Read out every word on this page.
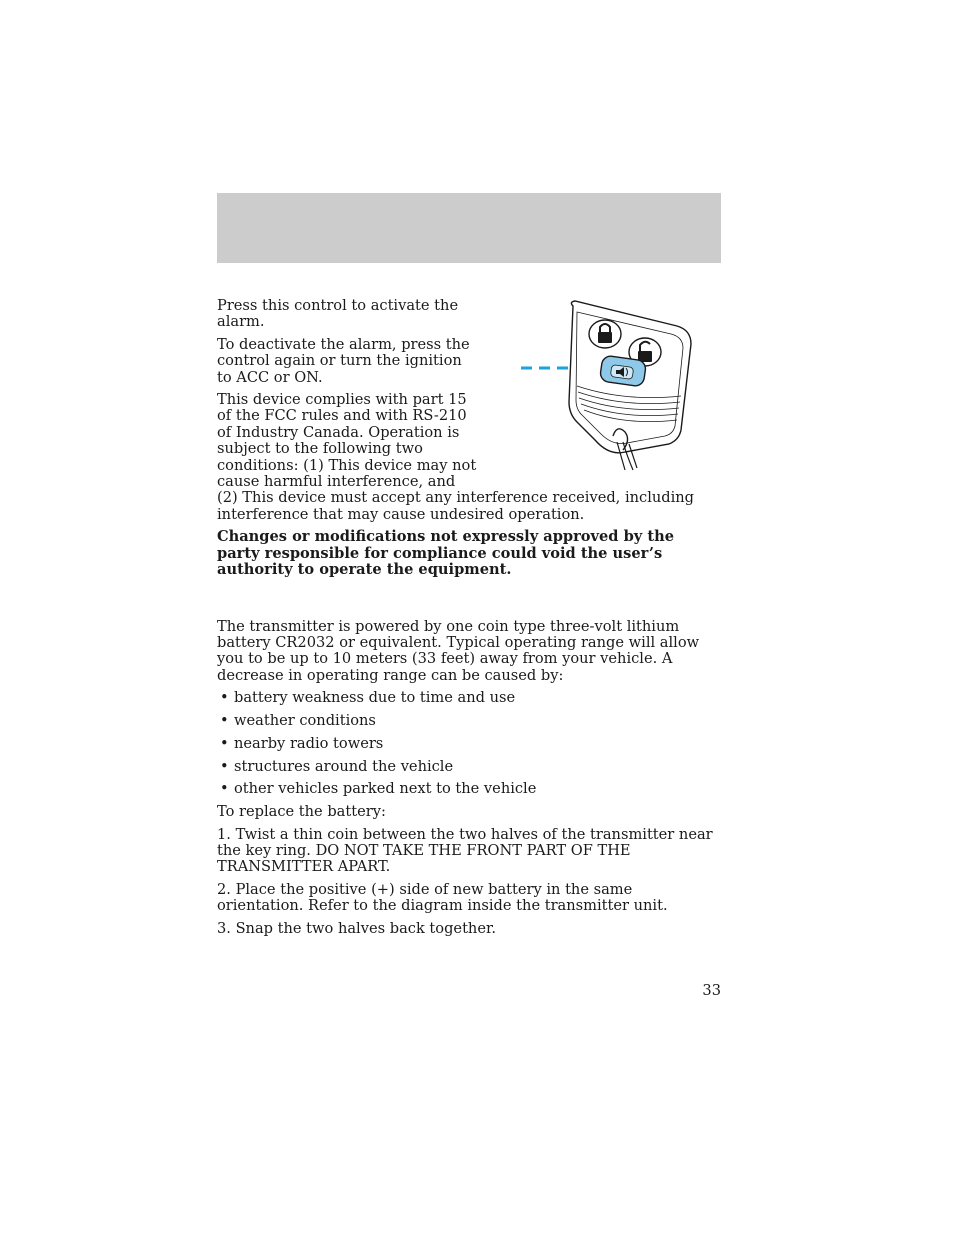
Press this control to activate the alarm.

To deactivate the alarm, press the control again or turn the ignition to ACC or ON.

This device complies with part 15 of the FCC rules and with RS-210 of Industry Canada. Operation is subject to the following two conditions: (1) This device may not cause harmful interference, and (2) This device must accept any interference received, including interference that may cause undesired operation.

Changes or modifications not expressly approved by the party responsible for compliance could void the user’s authority to operate the equipment.

The transmitter is powered by one coin type three-volt lithium battery CR2032 or equivalent. Typical operating range will allow you to be up to 10 meters (33 feet) away from your vehicle. A decrease in operating range can be caused by:

• battery weakness due to time and use
• weather conditions
• nearby radio towers
• structures around the vehicle
• other vehicles parked next to the vehicle

To replace the battery:

1. Twist a thin coin between the two halves of the transmitter near the key ring. DO NOT TAKE THE FRONT PART OF THE TRANSMITTER APART.

2. Place the positive (+) side of new battery in the same orientation. Refer to the diagram inside the transmitter unit.

3. Snap the two halves back together.

33
